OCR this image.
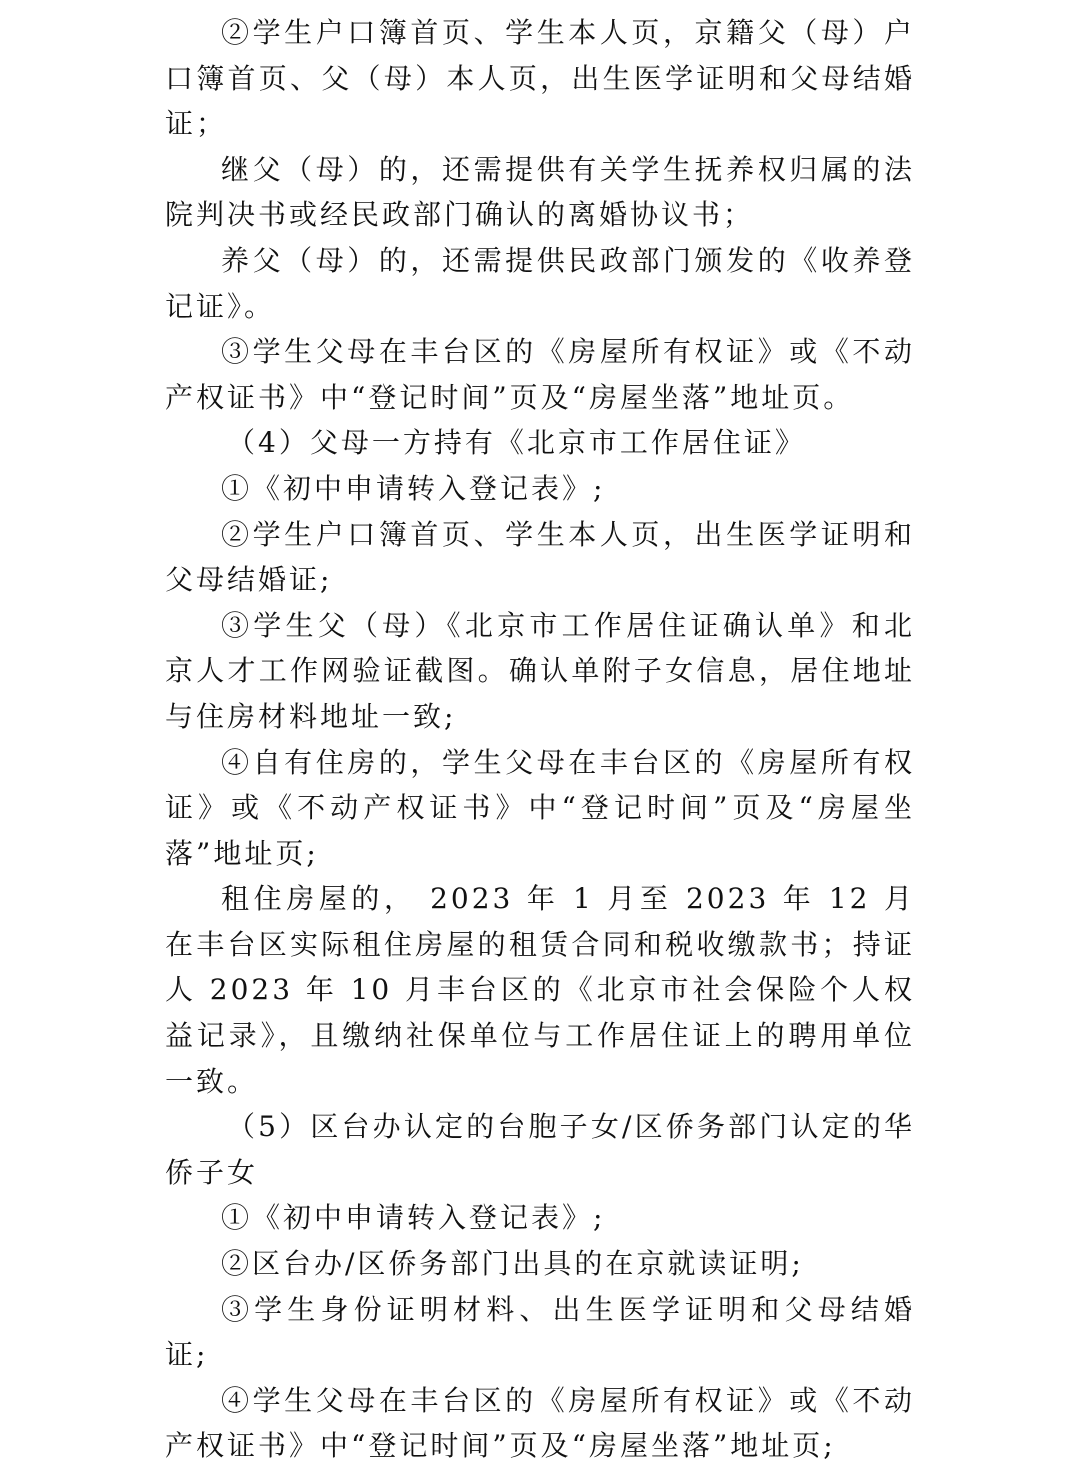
②学生户口簿首页、学生本人页，京籍父（母）户口簿首页、父（母）本人页，出生医学证明和父母结婚证；

继父（母）的，还需提供有关学生抚养权归属的法院判决书或经民政部门确认的离婚协议书；

养父（母）的，还需提供民政部门颁发的《收养登记证》。

③学生父母在丰台区的《房屋所有权证》或《不动产权证书》中“登记时间”页及“房屋坐落”地址页。

（4）父母一方持有《北京市工作居住证》

①《初中申请转入登记表》;

②学生户口簿首页、学生本人页，出生医学证明和父母结婚证;

③学生父（母）《北京市工作居住证确认单》和北京人才工作网验证截图。确认单附子女信息，居住地址与住房材料地址一致;

④自有住房的，学生父母在丰台区的《房屋所有权证》或《不动产权证书》中“登记时间”页及“房屋坐落”地址页;

租住房屋的， 2023 年 1 月至 2023 年 12 月在丰台区实际租住房屋的租赁合同和税收缴款书；持证人 2023 年 10 月丰台区的《北京市社会保险个人权益记录》，且缴纳社保单位与工作居住证上的聘用单位一致。

（5）区台办认定的台胞子女/区侨务部门认定的华侨子女

①《初中申请转入登记表》;

②区台办/区侨务部门出具的在京就读证明;

③学生身份证明材料、出生医学证明和父母结婚证;

④学生父母在丰台区的《房屋所有权证》或《不动产权证书》中“登记时间”页及“房屋坐落”地址页;
